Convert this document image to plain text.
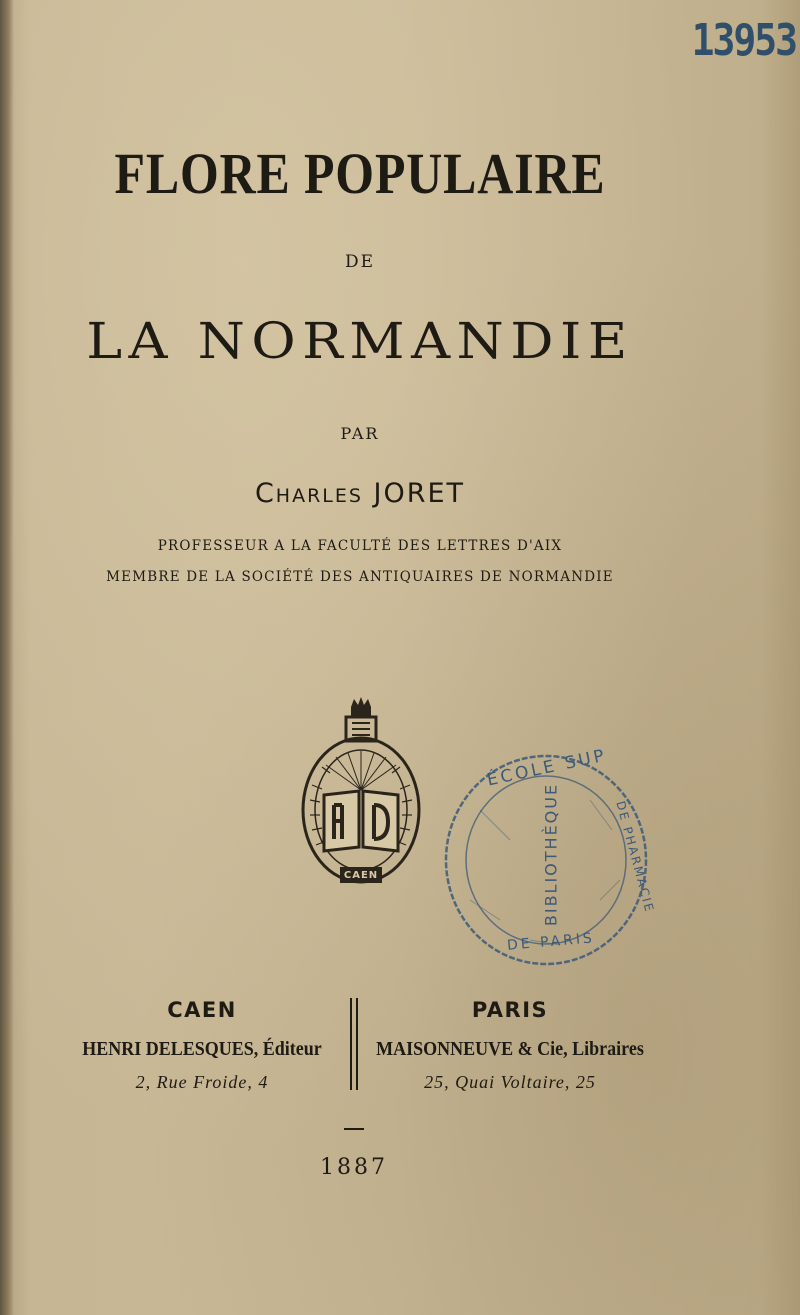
13953

FLORE POPULAIRE

DE

LA NORMANDIE

PAR

Charles JORET

PROFESSEUR A LA FACULTÉ DES LETTRES D'AIX

MEMBRE DE LA SOCIÉTÉ DES ANTIQUAIRES DE NORMANDIE

CAEN
ÉCOLE SUP
BIBLIOTHÈQUE	DE PHARMACIE
DE PARIS

CAEN

HENRI DELESQUES, Éditeur

2, Rue Froide, 4

PARIS

MAISONNEUVE & Cie, Libraires

25, Quai Voltaire, 25

1887
